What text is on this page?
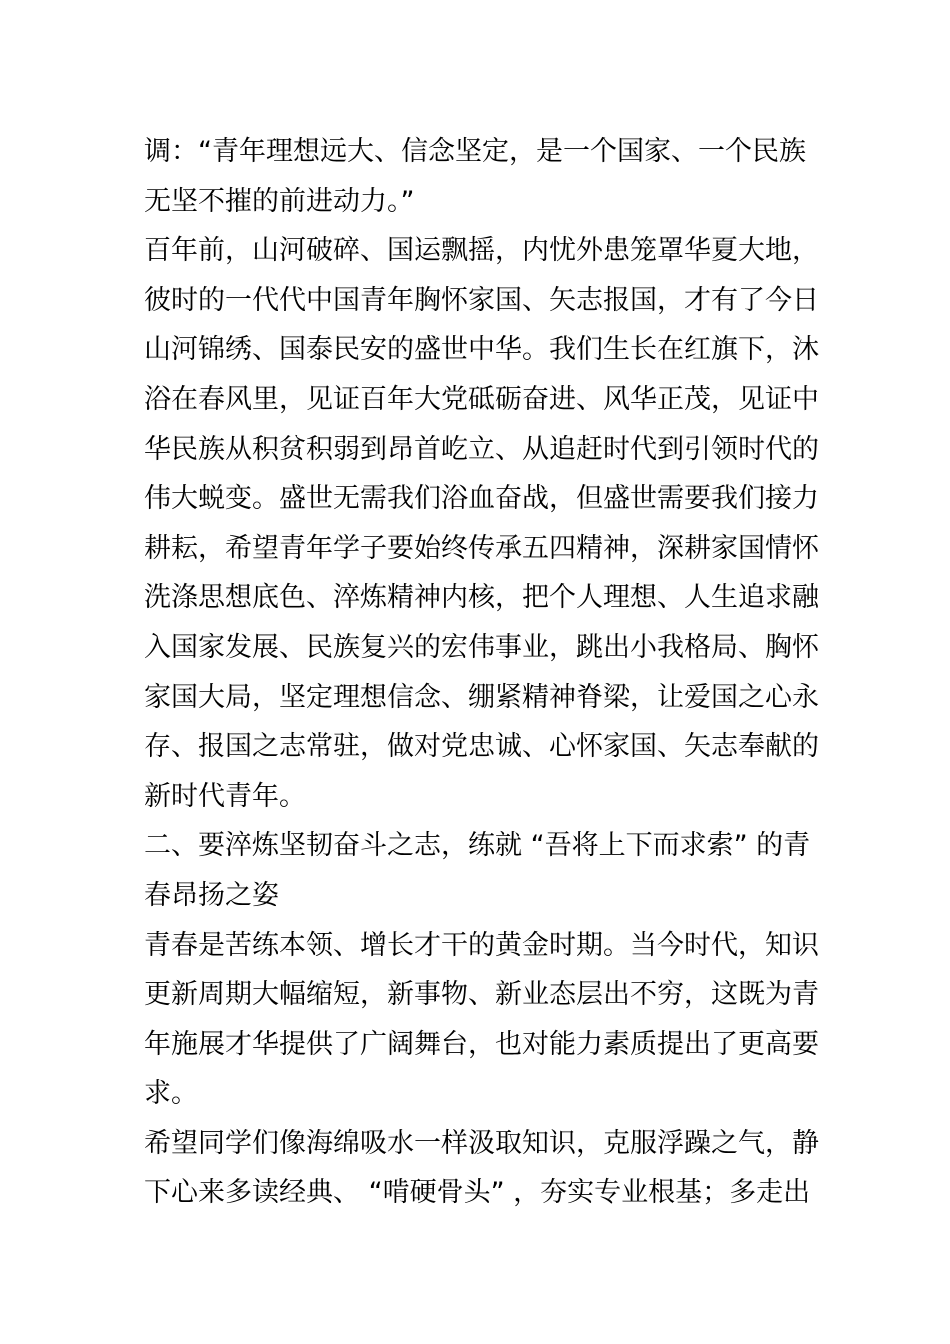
调：“青年理想远大、信念坚定，是一个国家、一个民族
无坚不摧的前进动力。”
百年前，山河破碎、国运飘摇，内忧外患笼罩华夏大地，
彼时的一代代中国青年胸怀家国、矢志报国，才有了今日
山河锦绣、国泰民安的盛世中华。我们生长在红旗下，沐
浴在春风里，见证百年大党砥砺奋进、风华正茂，见证中
华民族从积贫积弱到昂首屹立、从追赶时代到引领时代的
伟大蜕变。盛世无需我们浴血奋战，但盛世需要我们接力
耕耘，希望青年学子要始终传承五四精神，深耕家国情怀
洗涤思想底色、淬炼精神内核，把个人理想、人生追求融
入国家发展、民族复兴的宏伟事业，跳出小我格局、胸怀
家国大局，坚定理想信念、绷紧精神脊梁，让爱国之心永
存、报国之志常驻，做对党忠诚、心怀家国、矢志奉献的
新时代青年。
二、要淬炼坚韧奋斗之志，练就 “吾将上下而求索” 的青
春昂扬之姿
青春是苦练本领、增长才干的黄金时期。当今时代，知识
更新周期大幅缩短，新事物、新业态层出不穷，这既为青
年施展才华提供了广阔舞台，也对能力素质提出了更高要
求。
希望同学们像海绵吸水一样汲取知识，克服浮躁之气，静
下心来多读经典、 “啃硬骨头” ，夯实专业根基；多走出
